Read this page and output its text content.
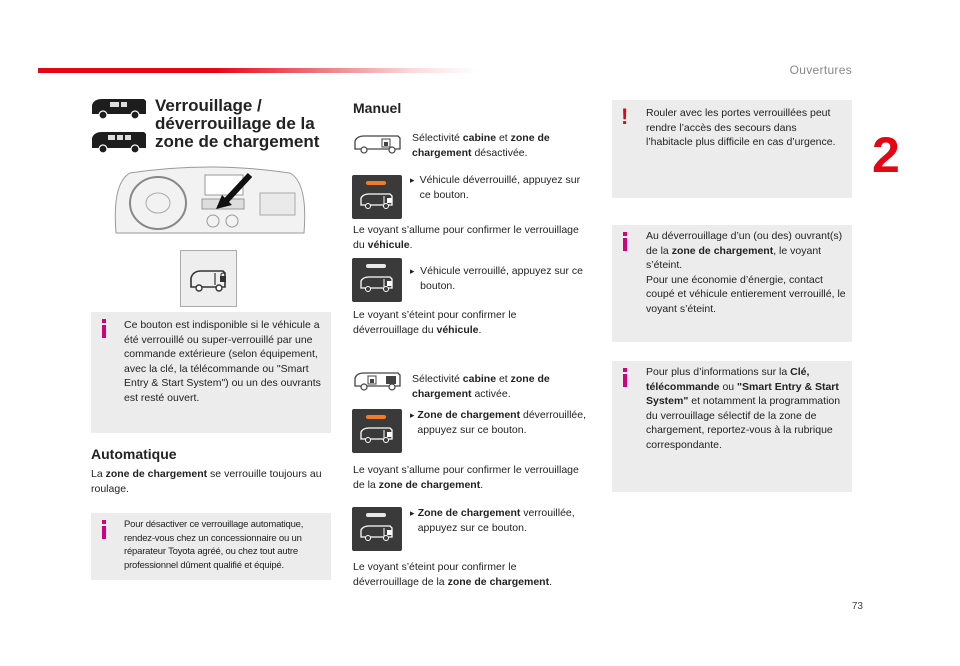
Ouvertures
2
73
Verrouillage /
déverrouillage de la
zone de chargement
Ce bouton est indisponible si le véhicule a été verrouillé ou super-verrouillé par une commande extérieure (selon équipement, avec la clé, la télécommande ou "Smart Entry & Start System") ou un des ouvrants est resté ouvert.
Automatique
La zone de chargement se verrouille toujours au roulage.
Pour désactiver ce verrouillage automatique, rendez-vous chez un concessionnaire ou un réparateur Toyota agréé, ou chez tout autre professionnel dûment qualifié et équipé.
Manuel
Sélectivité cabine et zone de chargement désactivée.
▸ Véhicule déverrouillé, appuyez sur ce bouton.
Le voyant s’allume pour confirmer le verrouillage du véhicule.
▸ Véhicule verrouillé, appuyez sur ce bouton.
Le voyant s’éteint pour confirmer le déverrouillage du véhicule.
Sélectivité cabine et zone de chargement activée.
▸ Zone de chargement déverrouillée, appuyez sur ce bouton.
Le voyant s’allume pour confirmer le verrouillage de la zone de chargement.
▸ Zone de chargement verrouillée, appuyez sur ce bouton.
Le voyant s’éteint pour confirmer le déverrouillage de la zone de chargement.
! Rouler avec les portes verrouillées peut rendre l’accès des secours dans l’habitacle plus difficile en cas d’urgence.
Au déverrouillage d’un (ou des) ouvrant(s) de la zone de chargement, le voyant s’éteint.
Pour une économie d’énergie, contact coupé et véhicule entierement verrouillé, le voyant s’éteint.
Pour plus d’informations sur la Clé, télécommande ou "Smart Entry & Start System" et notamment la programmation du verrouillage sélectif de la zone de chargement, reportez-vous à la rubrique correspondante.
